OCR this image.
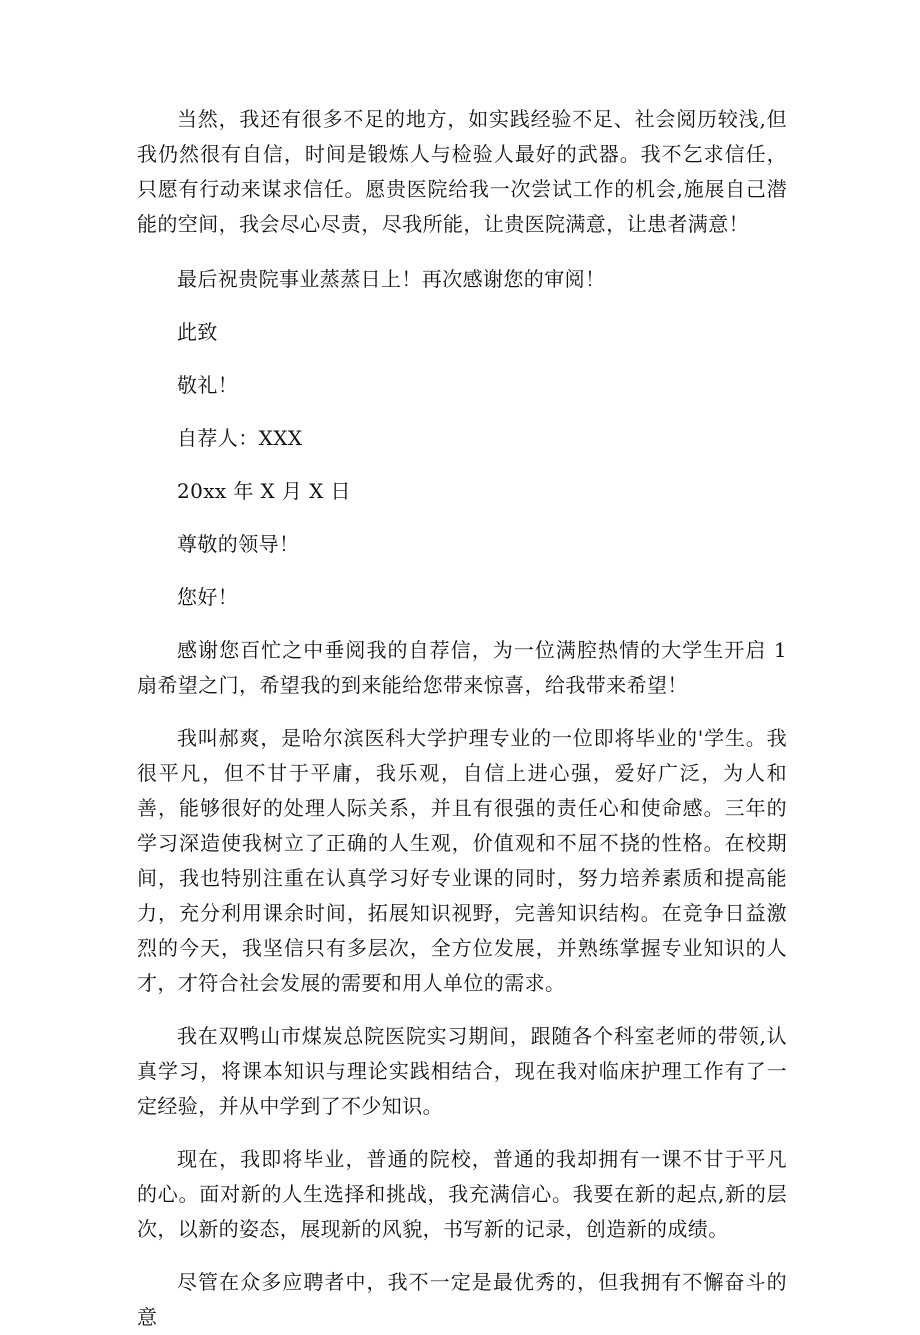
当然，我还有很多不足的地方，如实践经验不足、社会阅历较浅,但我仍然很有自信，时间是锻炼人与检验人最好的武器。我不乞求信任，只愿有行动来谋求信任。愿贵医院给我一次尝试工作的机会,施展自己潜能的空间，我会尽心尽责，尽我所能，让贵医院满意，让患者满意！

最后祝贵院事业蒸蒸日上！再次感谢您的审阅！

此致

敬礼！

自荐人：XXX

20xx 年 X 月 X 日

尊敬的领导！

您好！

感谢您百忙之中垂阅我的自荐信，为一位满腔热情的大学生开启 1 扇希望之门，希望我的到来能给您带来惊喜，给我带来希望！

我叫郝爽，是哈尔滨医科大学护理专业的一位即将毕业的'学生。我很平凡，但不甘于平庸，我乐观，自信上进心强，爱好广泛，为人和善，能够很好的处理人际关系，并且有很强的责任心和使命感。三年的学习深造使我树立了正确的人生观，价值观和不屈不挠的性格。在校期间，我也特别注重在认真学习好专业课的同时，努力培养素质和提高能力，充分利用课余时间，拓展知识视野，完善知识结构。在竞争日益激烈的今天，我坚信只有多层次，全方位发展，并熟练掌握专业知识的人才，才符合社会发展的需要和用人单位的需求。

我在双鸭山市煤炭总院医院实习期间，跟随各个科室老师的带领,认真学习，将课本知识与理论实践相结合，现在我对临床护理工作有了一定经验，并从中学到了不少知识。

现在，我即将毕业，普通的院校，普通的我却拥有一课不甘于平凡的心。面对新的人生选择和挑战，我充满信心。我要在新的起点,新的层次，以新的姿态，展现新的风貌，书写新的记录，创造新的成绩。

尽管在众多应聘者中，我不一定是最优秀的，但我拥有不懈奋斗的意
